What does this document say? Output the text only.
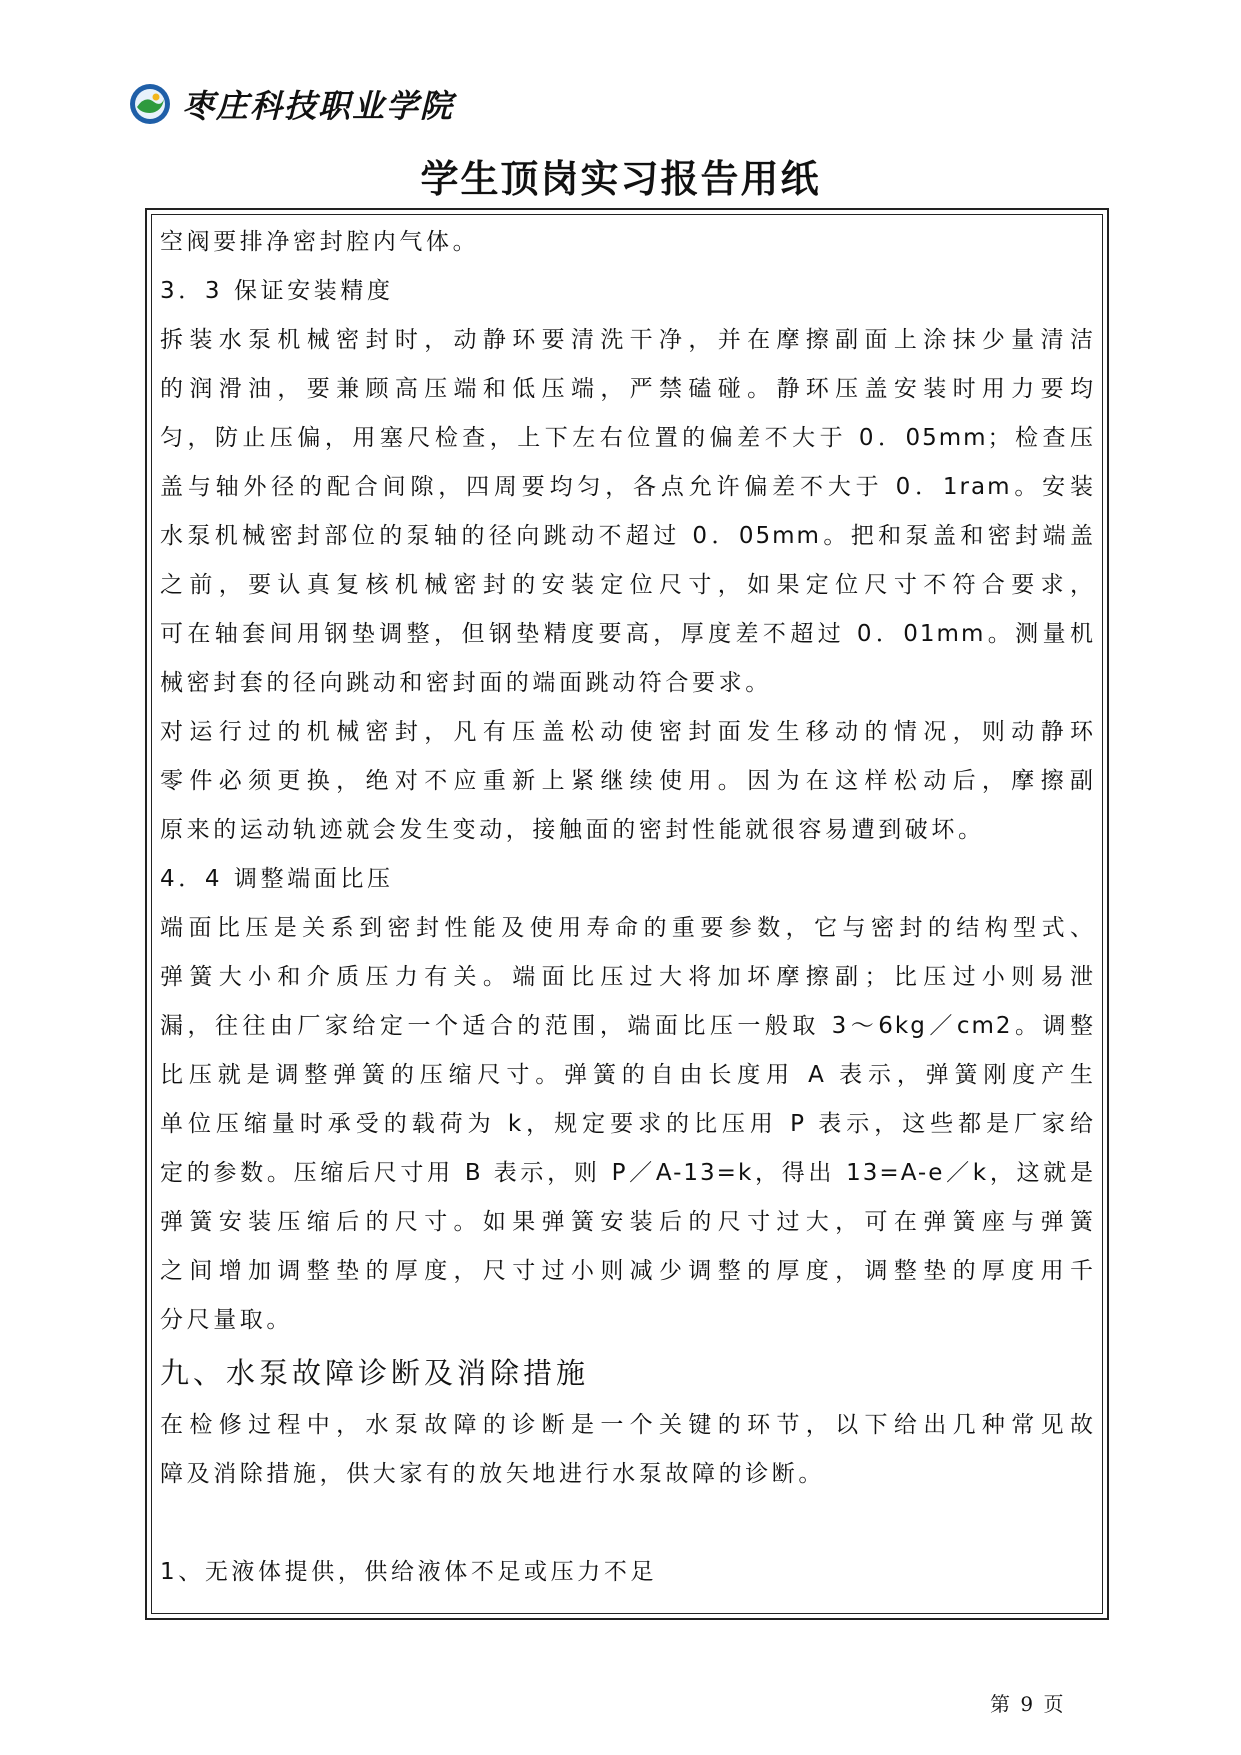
枣庄科技职业学院
学生顶岗实习报告用纸
空阀要排净密封腔内气体。
3．3 保证安装精度
拆装水泵机械密封时，动静环要清洗干净，并在摩擦副面上涂抹少量清洁
的润滑油，要兼顾高压端和低压端，严禁磕碰。静环压盖安装时用力要均
匀，防止压偏，用塞尺检查，上下左右位置的偏差不大于 0．05mm；检查压
盖与轴外径的配合间隙，四周要均匀，各点允许偏差不大于 0．1ram。安装
水泵机械密封部位的泵轴的径向跳动不超过 0．05mm。把和泵盖和密封端盖
之前，要认真复核机械密封的安装定位尺寸，如果定位尺寸不符合要求，
可在轴套间用钢垫调整，但钢垫精度要高，厚度差不超过 0．01mm。测量机
械密封套的径向跳动和密封面的端面跳动符合要求。
对运行过的机械密封，凡有压盖松动使密封面发生移动的情况，则动静环
零件必须更换，绝对不应重新上紧继续使用。因为在这样松动后，摩擦副
原来的运动轨迹就会发生变动，接触面的密封性能就很容易遭到破坏。
4．4 调整端面比压
端面比压是关系到密封性能及使用寿命的重要参数，它与密封的结构型式、
弹簧大小和介质压力有关。端面比压过大将加坏摩擦副；比压过小则易泄
漏，往往由厂家给定一个适合的范围，端面比压一般取 3～6kg／cm2。调整
比压就是调整弹簧的压缩尺寸。弹簧的自由长度用 A 表示，弹簧刚度产生
单位压缩量时承受的载荷为 k，规定要求的比压用 P 表示，这些都是厂家给
定的参数。压缩后尺寸用 B 表示，则 P／A-13=k，得出 13=A-e／k，这就是
弹簧安装压缩后的尺寸。如果弹簧安装后的尺寸过大，可在弹簧座与弹簧
之间增加调整垫的厚度，尺寸过小则减少调整的厚度，调整垫的厚度用千
分尺量取。
九、水泵故障诊断及消除措施
在检修过程中，水泵故障的诊断是一个关键的环节，以下给出几种常见故
障及消除措施，供大家有的放矢地进行水泵故障的诊断。
1、无液体提供，供给液体不足或压力不足
第 9 页
